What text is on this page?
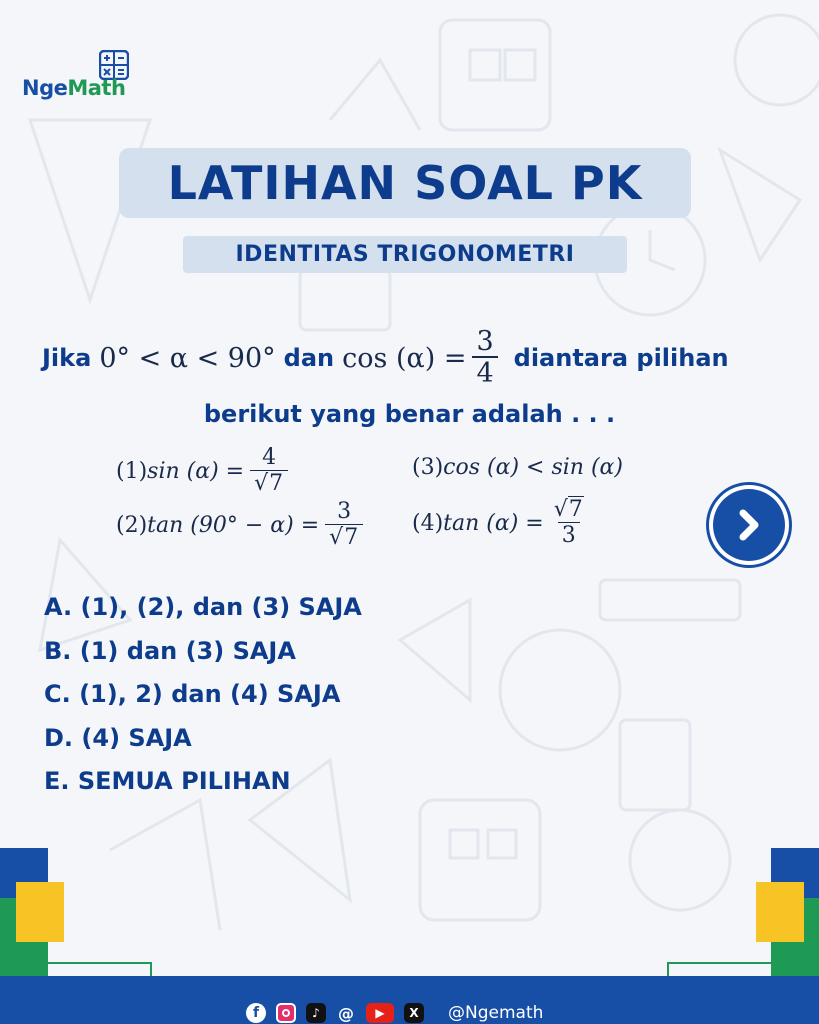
NgeMath
LATIHAN SOAL PK
IDENTITAS TRIGONOMETRI
Jika 0° < α < 90° dan $\cos (\alpha) = \frac{3}{4}$ diantara pilihan
berikut yang benar adalah . . .
(1)sin $(\alpha) = \frac{4}{√7}$
(2)tan $(90^\circ - \alpha) = \frac{3}{√7}$
(3)cos (α) < sin (α)
(4)tan $(\alpha) = \frac{√7}{3}$
A. (1), (2), dan (3) SAJA
B. (1) dan (3) SAJA
C. (1), 2) dan (4) SAJA
D. (4) SAJA
E. SEMUA PILIHAN
f	♪	@	▶	X	@Ngemath
